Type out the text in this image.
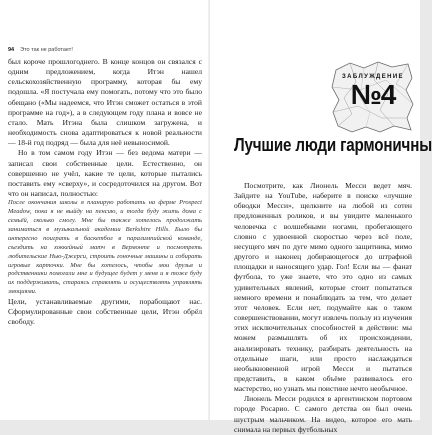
94 Это так не работает!

был короче прошлогоднего. В конце концов он связался с одним предложением, когда Итэн нашел сельскохозяйственную программу, которая бы ему подошла. «Я постучала ему помогать, потому что это было обещано («Мы надеемся, что Итэн сможет остаться в этой программе на год»), а в следующем году плана и вовсе не стало. Мать Итэна была слишком загружена, и необходимость снова адаптироваться к новой реальности — 18-й год подряд — была для неё невыносимой.

Но в том самом году Итэн — без ведома матери — записал свои собственные цели. Естественно, он совершенно не учёл, какие те цели, которые пытались поставить ему «сверху», и сосредоточился на другом. Вот что он написал, полностью:

После окончания школы я планирую работать на ферме Prospect Meadow, пока я не выйду на пенсию, и тогда буду жить дома с семьёй, сколько смогу. Мне бы также хотелось продолжать заниматься в музыкальной академии Berkshire Hills. Было бы интересно поиграть в баскетбол в паралимпийской команде, съездить на хоккейный матч в Вермонте и посмотреть любительские Нью-Джерси, строить гоночные машины и собирать игровые карточки. Мне бы хотелось, чтобы мои друзья и родственники помогали мне и будущее будет у меня и я тоже буду их поддерживать, стараясь справлять и осуществлять управлять эмоциями.

Цели, устанавливаемые другими, порабощают нас. Сформулированные свои собственные цели, Итэн обрёл свободу.

ЗАБЛУЖДЕНИЕ
№4
Лучшие люди гармоничны

Посмотрите, как Лионель Месси ведет мяч. Зайдите на YouTube, наберите в поиске «лучшие обводки Месси», щелкните на любой из сотен предложенных роликов, и вы увидите маленького человечка с волшебными ногами, пробегающего словно с удвоенной скоростью через всё поле, несущего мяч по дуге мимо одного защитника, мимо другого и наконец добирающегося до штрафной площадки и наносящего удар. Гол! Если вы — фанат футбола, то уже знаете, что это одно из самых удивительных явлений, которые стоит попытаться немного времени и понаблюдать за тем, что делает этот человек. Если нет, подумайте как о таком совершенствовании, могут извлечь пользу из изучения этих исключительных способностей в действии: мы можем размышлять об их происхождении, анализировать технику, разбирать деятельность на отдельные шаги, или просто наслаждаться необыкновенной игрой Месси и пытаться представить, в каком объёме развивалось его мастерство, но узнать мы поистине нечто необычное.

Лионель Месси родился в аргентинском портовом городе Росарио. С самого детства он был очень шустрым мальчиком. На видео, которое его мать снимала на первых футбольных
